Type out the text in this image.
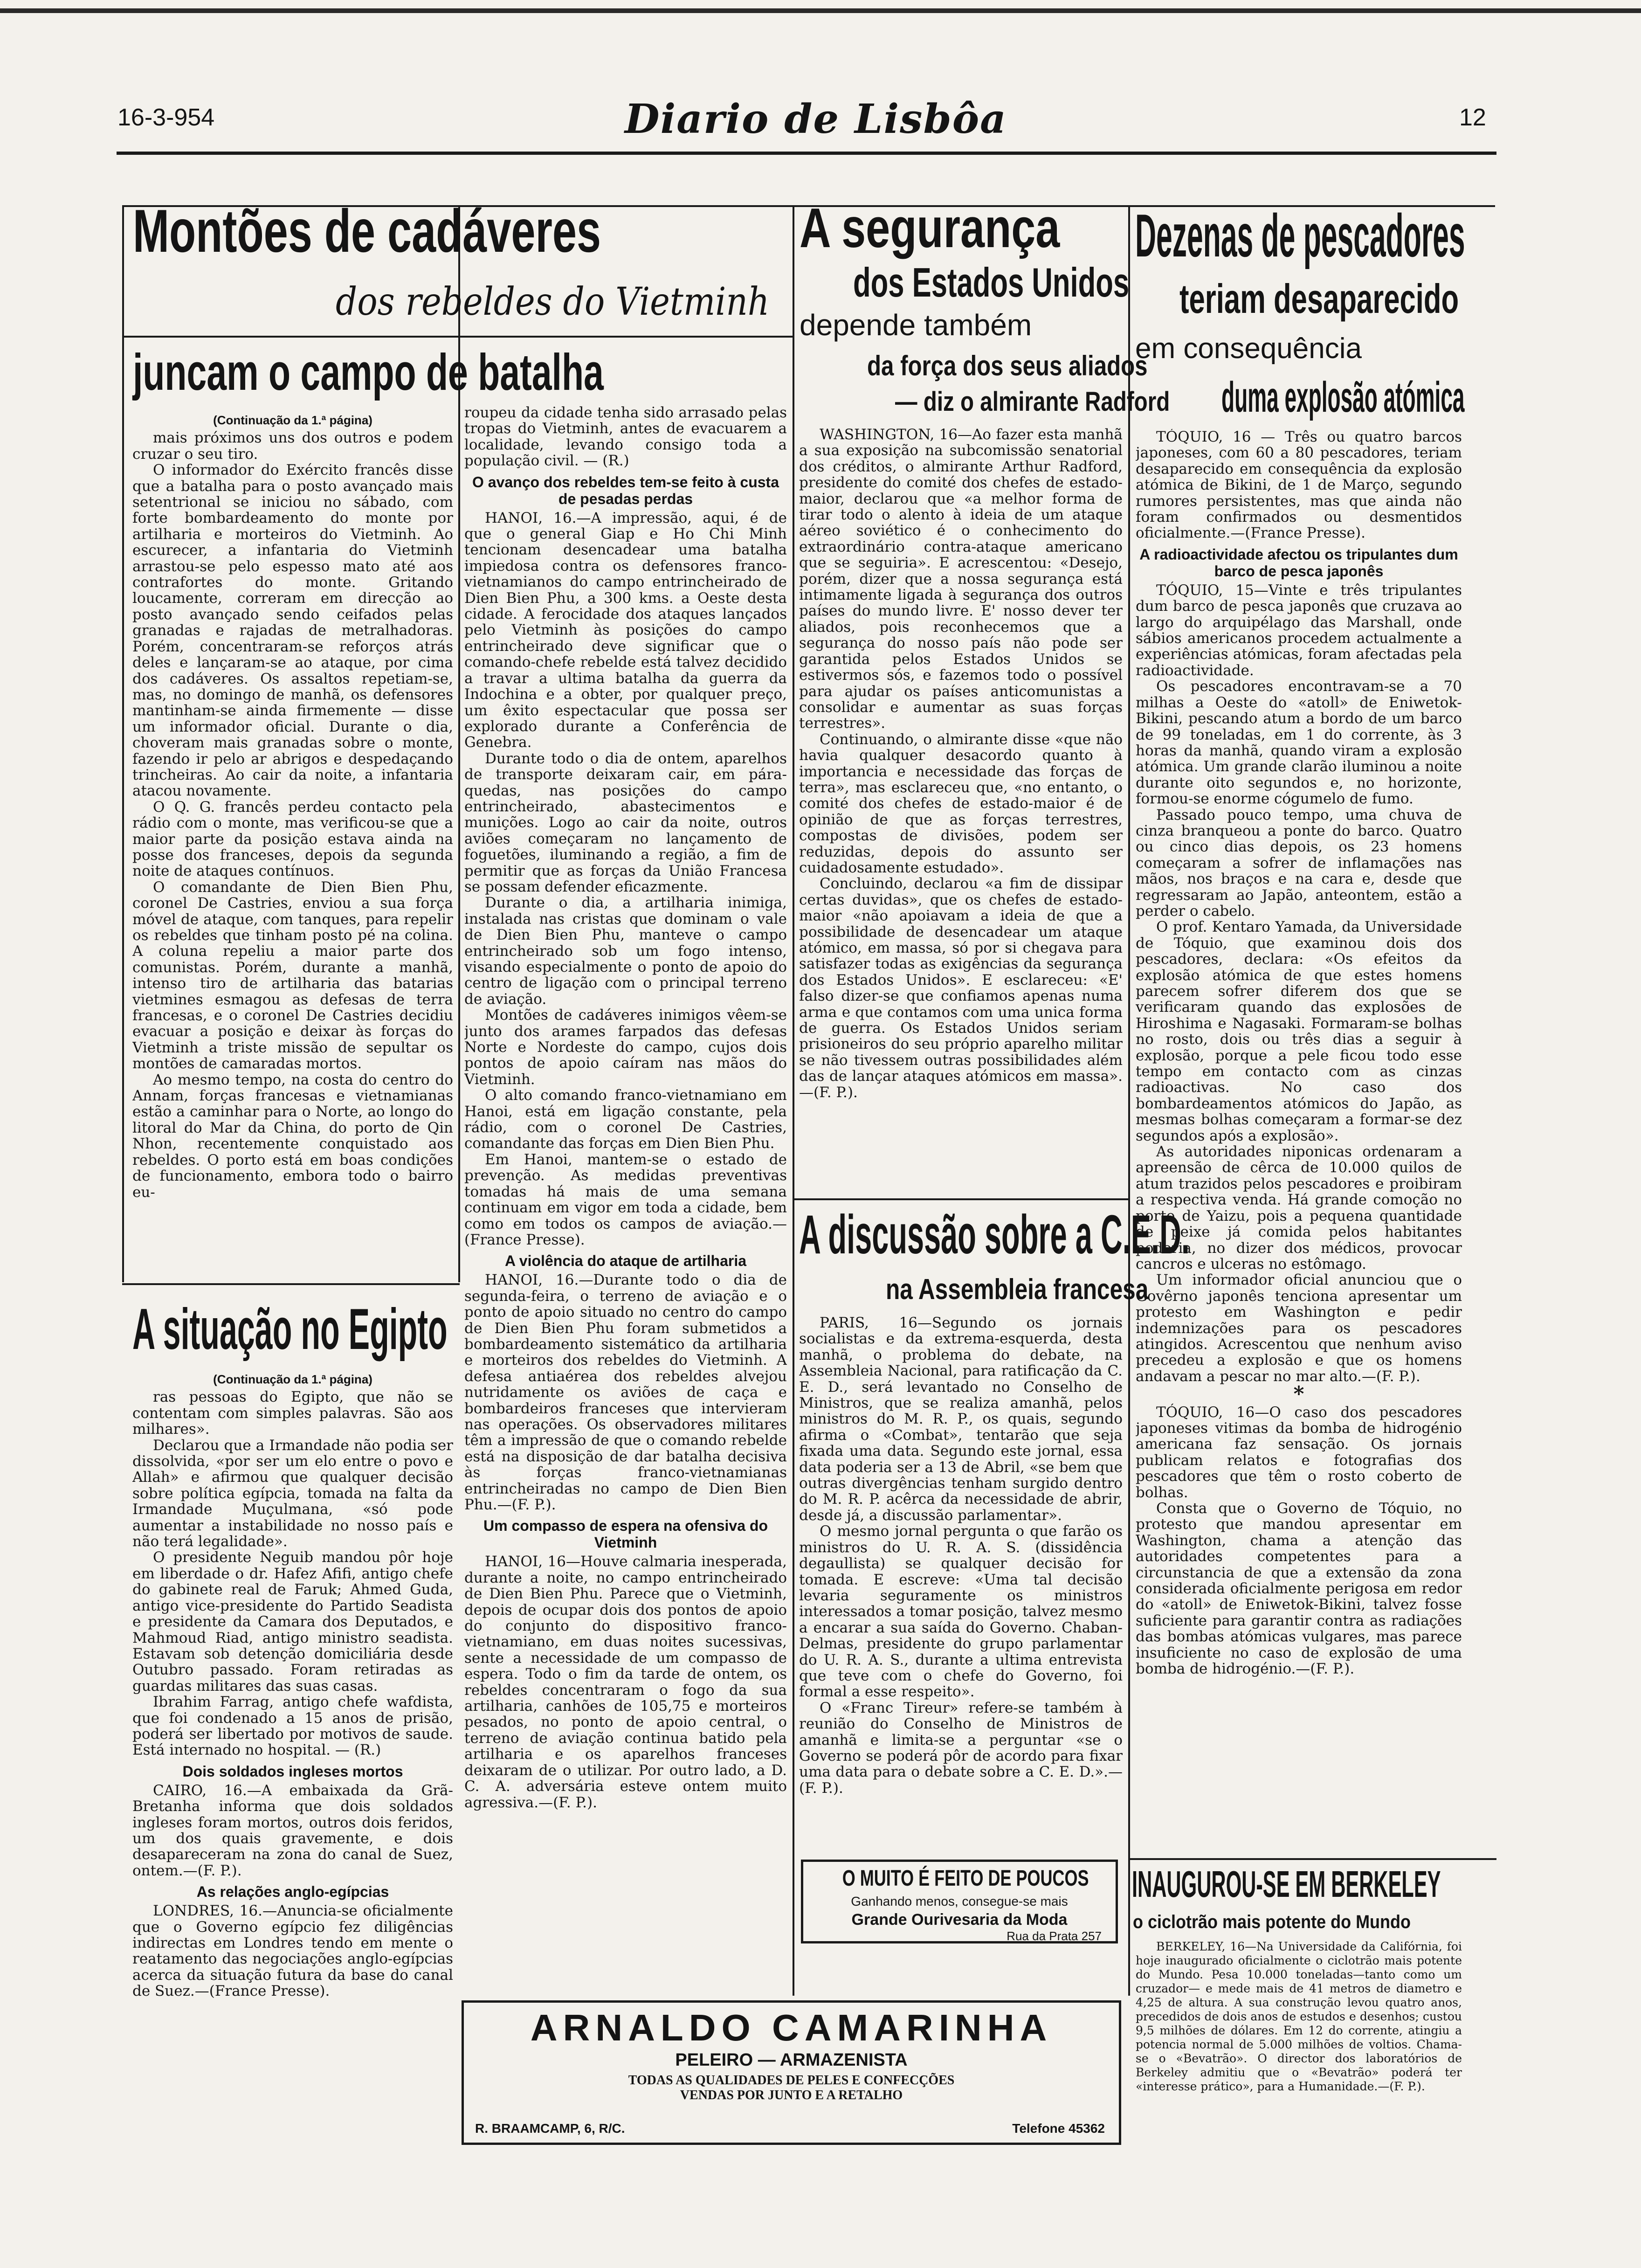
16-3-954	Diario de Lisbôa	12
Montões de cadáveres
dos rebeldes do Vietminh
juncam o campo de batalha

(Continuação da 1.ª página)

mais próximos uns dos outros e podem cruzar o seu tiro.

O informador do Exército francês disse que a batalha para o posto avançado mais setentrional se iniciou no sábado, com forte bombardeamento do monte por artilharia e morteiros do Vietminh. Ao escurecer, a infantaria do Vietminh arrastou-se pelo espesso mato até aos contrafortes do monte. Gritando loucamente, correram em direcção ao posto avançado sendo ceifados pelas granadas e rajadas de metralhadoras. Porém, concentraram-se reforços atrás deles e lançaram-se ao ataque, por cima dos cadáveres. Os assaltos repetiam-se, mas, no domingo de manhã, os defensores mantinham-se ainda firmemente — disse um informador oficial. Durante o dia, choveram mais granadas sobre o monte, fazendo ir pelo ar abrigos e despedaçando trincheiras. Ao cair da noite, a infantaria atacou novamente.

O Q. G. francês perdeu contacto pela rádio com o monte, mas verificou-se que a maior parte da posição estava ainda na posse dos franceses, depois da segunda noite de ataques contínuos.

O comandante de Dien Bien Phu, coronel De Castries, enviou a sua força móvel de ataque, com tanques, para repelir os rebeldes que tinham posto pé na colina. A coluna repeliu a maior parte dos comunistas. Porém, durante a manhã, intenso tiro de artilharia das batarias vietmines esmagou as defesas de terra francesas, e o coronel De Castries decidiu evacuar a posição e deixar às forças do Vietminh a triste missão de sepultar os montões de camaradas mortos.

Ao mesmo tempo, na costa do centro do Annam, forças francesas e vietnamianas estão a caminhar para o Norte, ao longo do litoral do Mar da China, do porto de Qin Nhon, recentemente conquistado aos rebeldes. O porto está em boas condições de funcionamento, embora todo o bairro eu-

A situação no Egipto

(Continuação da 1.ª página)

ras pessoas do Egipto, que não se contentam com simples palavras. São aos milhares».

Declarou que a Irmandade não podia ser dissolvida, «por ser um elo entre o povo e Allah» e afirmou que qualquer decisão sobre política egípcia, tomada na falta da Irmandade Muçulmana, «só pode aumentar a instabilidade no nosso país e não terá legalidade».

O presidente Neguib mandou pôr hoje em liberdade o dr. Hafez Afifi, antigo chefe do gabinete real de Faruk; Ahmed Guda, antigo vice-presidente do Partido Seadista e presidente da Camara dos Deputados, e Mahmoud Riad, antigo ministro seadista. Estavam sob detenção domiciliária desde Outubro passado. Foram retiradas as guardas militares das suas casas.

Ibrahim Farrag, antigo chefe wafdista, que foi condenado a 15 anos de prisão, poderá ser libertado por motivos de saude. Está internado no hospital. — (R.)

Dois soldados ingleses mortos

CAIRO, 16.—A embaixada da Grã-Bretanha informa que dois soldados ingleses foram mortos, outros dois feridos, um dos quais gravemente, e dois desapareceram na zona do canal de Suez, ontem.—(F. P.).

As relações anglo-egípcias

LONDRES, 16.—Anuncia-se oficialmente que o Governo egípcio fez diligências indirectas em Londres tendo em mente o reatamento das negociações anglo-egípcias acerca da situação futura da base do canal de Suez.—(France Presse).

roupeu da cidade tenha sido arrasado pelas tropas do Vietminh, antes de evacuarem a localidade, levando consigo toda a população civil. — (R.)

O avanço dos rebeldes tem-se feito à custa de pesadas perdas

HANOI, 16.—A impressão, aqui, é de que o general Giap e Ho Chi Minh tencionam desencadear uma batalha impiedosa contra os defensores franco-vietnamianos do campo entrincheirado de Dien Bien Phu, a 300 kms. a Oeste desta cidade. A ferocidade dos ataques lançados pelo Vietminh às posições do campo entrincheirado deve significar que o comando-chefe rebelde está talvez decidido a travar a ultima batalha da guerra da Indochina e a obter, por qualquer preço, um êxito espectacular que possa ser explorado durante a Conferência de Genebra.

Durante todo o dia de ontem, aparelhos de transporte deixaram cair, em pára-quedas, nas posições do campo entrincheirado, abastecimentos e munições. Logo ao cair da noite, outros aviões começaram no lançamento de foguetões, iluminando a região, a fim de permitir que as forças da União Francesa se possam defender eficazmente.

Durante o dia, a artilharia inimiga, instalada nas cristas que dominam o vale de Dien Bien Phu, manteve o campo entrincheirado sob um fogo intenso, visando especialmente o ponto de apoio do centro de ligação com o principal terreno de aviação.

Montões de cadáveres inimigos vêem-se junto dos arames farpados das defesas Norte e Nordeste do campo, cujos dois pontos de apoio caíram nas mãos do Vietminh.

O alto comando franco-vietnamiano em Hanoi, está em ligação constante, pela rádio, com o coronel De Castries, comandante das forças em Dien Bien Phu.

Em Hanoi, mantem-se o estado de prevenção. As medidas preventivas tomadas há mais de uma semana continuam em vigor em toda a cidade, bem como em todos os campos de aviação.—(France Presse).

A violência do ataque de artilharia

HANOI, 16.—Durante todo o dia de segunda-feira, o terreno de aviação e o ponto de apoio situado no centro do campo de Dien Bien Phu foram submetidos a bombardeamento sistemático da artilharia e morteiros dos rebeldes do Vietminh. A defesa antiaérea dos rebeldes alvejou nutridamente os aviões de caça e bombardeiros franceses que intervieram nas operações. Os observadores militares têm a impressão de que o comando rebelde está na disposição de dar batalha decisiva às forças franco-vietnamianas entrincheiradas no campo de Dien Bien Phu.—(F. P.).

Um compasso de espera na ofensiva do Vietminh

HANOI, 16—Houve calmaria inesperada, durante a noite, no campo entrincheirado de Dien Bien Phu. Parece que o Vietminh, depois de ocupar dois dos pontos de apoio do conjunto do dispositivo franco-vietnamiano, em duas noites sucessivas, sente a necessidade de um compasso de espera. Todo o fim da tarde de ontem, os rebeldes concentraram o fogo da sua artilharia, canhões de 105,75 e morteiros pesados, no ponto de apoio central, o terreno de aviação continua batido pela artilharia e os aparelhos franceses deixaram de o utilizar. Por outro lado, a D. C. A. adversária esteve ontem muito agressiva.—(F. P.).

A segurança
dos Estados Unidos
depende também
da força dos seus aliados
— diz o almirante Radford

WASHINGTON, 16—Ao fazer esta manhã a sua exposição na subcomissão senatorial dos créditos, o almirante Arthur Radford, presidente do comité dos chefes de estado-maior, declarou que «a melhor forma de tirar todo o alento à ideia de um ataque aéreo soviético é o conhecimento do extraordinário contra-ataque americano que se seguiria». E acrescentou: «Desejo, porém, dizer que a nossa segurança está intimamente ligada à segurança dos outros países do mundo livre. E' nosso dever ter aliados, pois reconhecemos que a segurança do nosso país não pode ser garantida pelos Estados Unidos se estivermos sós, e fazemos todo o possível para ajudar os países anticomunistas a consolidar e aumentar as suas forças terrestres».

Continuando, o almirante disse «que não havia qualquer desacordo quanto à importancia e necessidade das forças de terra», mas esclareceu que, «no entanto, o comité dos chefes de estado-maior é de opinião de que as forças terrestres, compostas de divisões, podem ser reduzidas, depois do assunto ser cuidadosamente estudado».

Concluindo, declarou «a fim de dissipar certas duvidas», que os chefes de estado-maior «não apoiavam a ideia de que a possibilidade de desencadear um ataque atómico, em massa, só por si chegava para satisfazer todas as exigências da segurança dos Estados Unidos». E esclareceu: «E' falso dizer-se que confiamos apenas numa arma e que contamos com uma unica forma de guerra. Os Estados Unidos seriam prisioneiros do seu próprio aparelho militar se não tivessem outras possibilidades além das de lançar ataques atómicos em massa».—(F. P.).

A discussão sobre a C.E.D.
na Assembleia francesa

PARIS, 16—Segundo os jornais socialistas e da extrema-esquerda, desta manhã, o problema do debate, na Assembleia Nacional, para ratificação da C. E. D., será levantado no Conselho de Ministros, que se realiza amanhã, pelos ministros do M. R. P., os quais, segundo afirma o «Combat», tentarão que seja fixada uma data. Segundo este jornal, essa data poderia ser a 13 de Abril, «se bem que outras divergências tenham surgido dentro do M. R. P. acêrca da necessidade de abrir, desde já, a discussão parlamentar».

O mesmo jornal pergunta o que farão os ministros do U. R. A. S. (dissidência degaullista) se qualquer decisão for tomada. E escreve: «Uma tal decisão levaria seguramente os ministros interessados a tomar posição, talvez mesmo a encarar a sua saída do Governo. Chaban-Delmas, presidente do grupo parlamentar do U. R. A. S., durante a ultima entrevista que teve com o chefe do Governo, foi formal a esse respeito».

O «Franc Tireur» refere-se também à reunião do Conselho de Ministros de amanhã e limita-se a perguntar «se o Governo se poderá pôr de acordo para fixar uma data para o debate sobre a C. E. D.».—(F. P.).

O MUITO É FEITO DE POUCOS
Ganhando menos, consegue-se mais
Grande Ourivesaria da Moda
Rua da Prata 257
Dezenas de pescadores
teriam desaparecido
em consequência
duma explosão atómica

TÓQUIO, 16 — Três ou quatro barcos japoneses, com 60 a 80 pescadores, teriam desaparecido em consequência da explosão atómica de Bikini, de 1 de Março, segundo rumores persistentes, mas que ainda não foram confirmados ou desmentidos oficialmente.—(France Presse).

A radioactividade afectou os tripulantes dum barco de pesca japonês

TÓQUIO, 15—Vinte e três tripulantes dum barco de pesca japonês que cruzava ao largo do arquipélago das Marshall, onde sábios americanos procedem actualmente a experiências atómicas, foram afectadas pela radioactividade.

Os pescadores encontravam-se a 70 milhas a Oeste do «atoll» de Eniwetok-Bikini, pescando atum a bordo de um barco de 99 toneladas, em 1 do corrente, às 3 horas da manhã, quando viram a explosão atómica. Um grande clarão iluminou a noite durante oito segundos e, no horizonte, formou-se enorme cógumelo de fumo.

Passado pouco tempo, uma chuva de cinza branqueou a ponte do barco. Quatro ou cinco dias depois, os 23 homens começaram a sofrer de inflamações nas mãos, nos braços e na cara e, desde que regressaram ao Japão, anteontem, estão a perder o cabelo.

O prof. Kentaro Yamada, da Universidade de Tóquio, que examinou dois dos pescadores, declara: «Os efeitos da explosão atómica de que estes homens parecem sofrer diferem dos que se verificaram quando das explosões de Hiroshima e Nagasaki. Formaram-se bolhas no rosto, dois ou três dias a seguir à explosão, porque a pele ficou todo esse tempo em contacto com as cinzas radioactivas. No caso dos bombardeamentos atómicos do Japão, as mesmas bolhas começaram a formar-se dez segundos após a explosão».

As autoridades niponicas ordenaram a apreensão de cêrca de 10.000 quilos de atum trazidos pelos pescadores e proibiram a respectiva venda. Há grande comoção no porto de Yaizu, pois a pequena quantidade de peixe já comida pelos habitantes poderia, no dizer dos médicos, provocar cancros e ulceras no estômago.

Um informador oficial anunciou que o Govêrno japonês tenciona apresentar um protesto em Washington e pedir indemnizações para os pescadores atingidos. Acrescentou que nenhum aviso precedeu a explosão e que os homens andavam a pescar no mar alto.—(F. P.).

*

TÓQUIO, 16—O caso dos pescadores japoneses vitimas da bomba de hidrogénio americana faz sensação. Os jornais publicam relatos e fotografias dos pescadores que têm o rosto coberto de bolhas.

Consta que o Governo de Tóquio, no protesto que mandou apresentar em Washington, chama a atenção das autoridades competentes para a circunstancia de que a extensão da zona considerada oficialmente perigosa em redor do «atoll» de Eniwetok-Bikini, talvez fosse suficiente para garantir contra as radiações das bombas atómicas vulgares, mas parece insuficiente no caso de explosão de uma bomba de hidrogénio.—(F. P.).

INAUGUROU-SE EM BERKELEY
o ciclotrão mais potente do Mundo

BERKELEY, 16—Na Universidade da Califórnia, foi hoje inaugurado oficialmente o ciclotrão mais potente do Mundo. Pesa 10.000 toneladas—tanto como um cruzador— e mede mais de 41 metros de diametro e 4,25 de altura. A sua construção levou quatro anos, precedidos de dois anos de estudos e desenhos; custou 9,5 milhões de dólares. Em 12 do corrente, atingiu a potencia normal de 5.000 milhões de voltios. Chama-se o «Bevatrão». O director dos laboratórios de Berkeley admitiu que o «Bevatrão» poderá ter «interesse prático», para a Humanidade.—(F. P.).

ARNALDO CAMARINHA
PELEIRO — ARMAZENISTA
TODAS AS QUALIDADES DE PELES E CONFECÇÕES
VENDAS POR JUNTO E A RETALHO
R. BRAAMCAMP, 6, R/C.	Telefone 45362
